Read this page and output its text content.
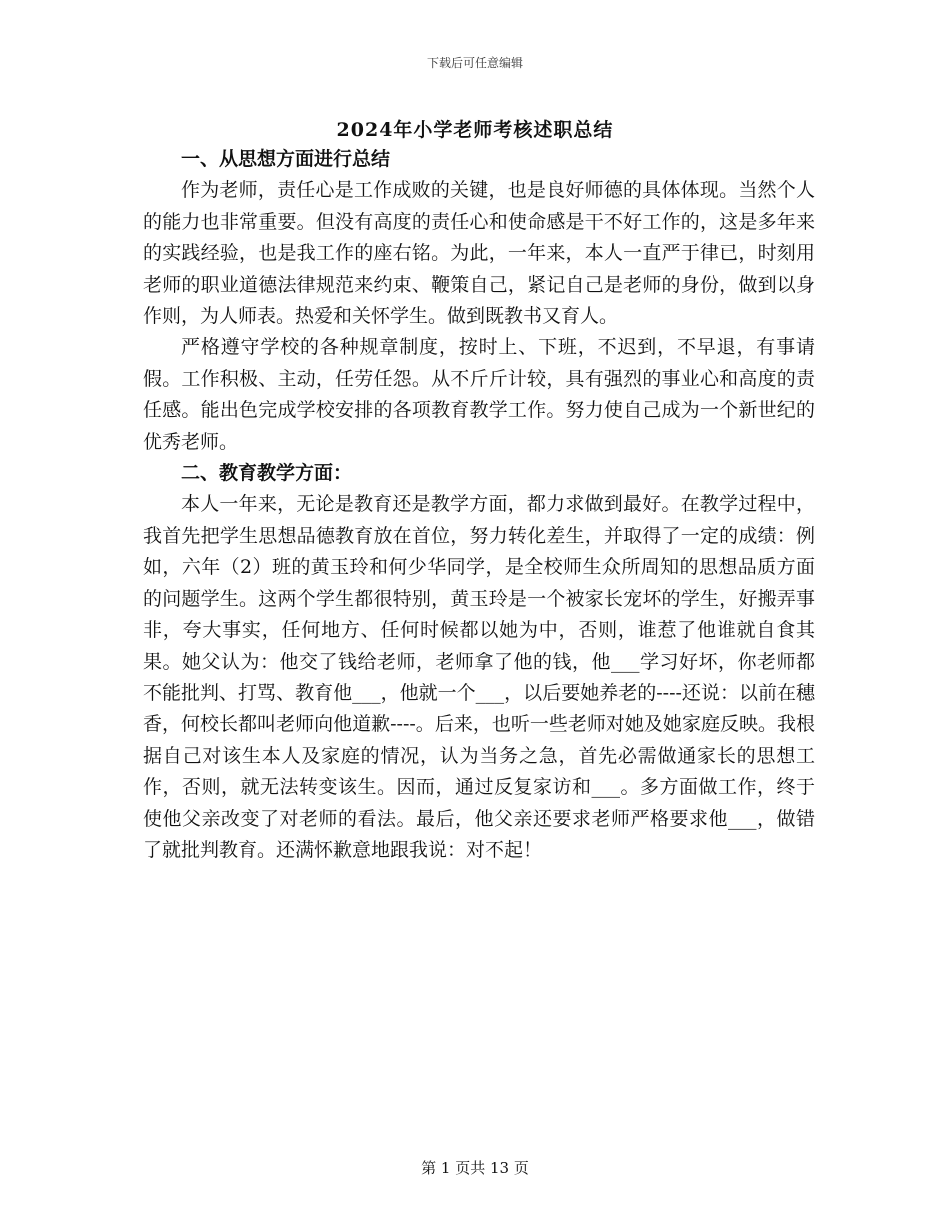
下载后可任意编辑
2024年小学老师考核述职总结

一、从思想方面进行总结

作为老师，责任心是工作成败的关键，也是良好师德的具体体现。当然个人的能力也非常重要。但没有高度的责任心和使命感是干不好工作的，这是多年来的实践经验，也是我工作的座右铭。为此，一年来，本人一直严于律已，时刻用老师的职业道德法律规范来约束、鞭策自己，紧记自己是老师的身份，做到以身作则，为人师表。热爱和关怀学生。做到既教书又育人。

严格遵守学校的各种规章制度，按时上、下班，不迟到，不早退，有事请假。工作积极、主动，任劳任怨。从不斤斤计较，具有强烈的事业心和高度的责任感。能出色完成学校安排的各项教育教学工作。努力使自己成为一个新世纪的优秀老师。

二、教育教学方面：

本人一年来，无论是教育还是教学方面，都力求做到最好。在教学过程中，我首先把学生思想品德教育放在首位，努力转化差生，并取得了一定的成绩：例如，六年（2）班的黄玉玲和何少华同学，是全校师生众所周知的思想品质方面的问题学生。这两个学生都很特别，黄玉玲是一个被家长宠坏的学生，好搬弄事非，夸大事实，任何地方、任何时候都以她为中，否则，谁惹了他谁就自食其果。她父认为：他交了钱给老师，老师拿了他的钱，他___学习好坏，你老师都不能批判、打骂、教育他___，他就一个___，以后要她养老的----还说：以前在穗香，何校长都叫老师向他道歉----。后来，也听一些老师对她及她家庭反映。我根据自己对该生本人及家庭的情况，认为当务之急，首先必需做通家长的思想工作，否则，就无法转变该生。因而，通过反复家访和___。多方面做工作，终于使他父亲改变了对老师的看法。最后，他父亲还要求老师严格要求他___，做错了就批判教育。还满怀歉意地跟我说：对不起！

第 1 页共 13 页
